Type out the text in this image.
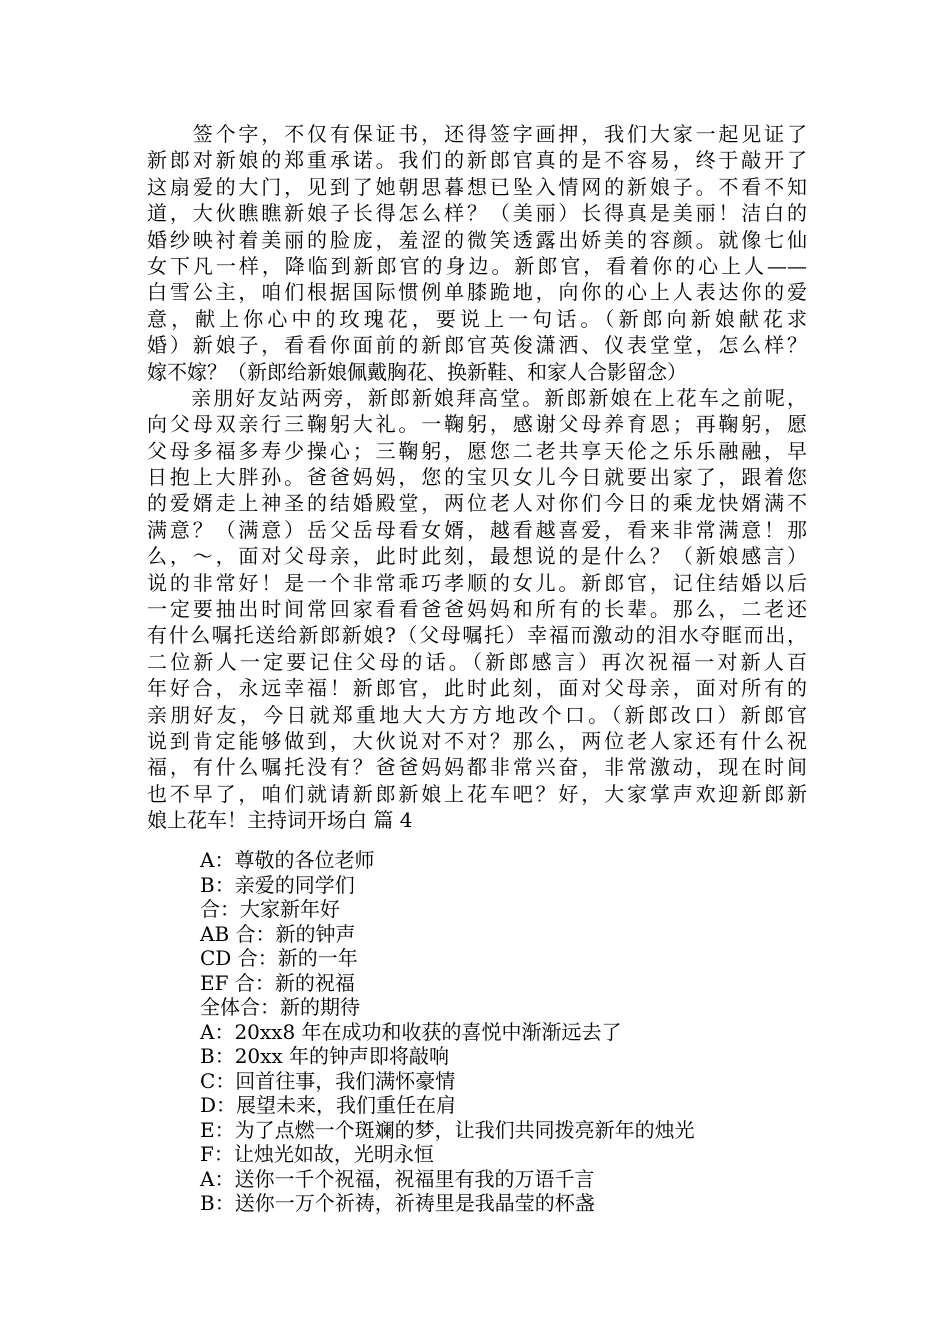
　　签个字，不仅有保证书，还得签字画押，我们大家一起见证了
新郎对新娘的郑重承诺。我们的新郎官真的是不容易，终于敲开了
这扇爱的大门，见到了她朝思暮想已坠入情网的新娘子。不看不知
道，大伙瞧瞧新娘子长得怎么样？（美丽）长得真是美丽！洁白的
婚纱映衬着美丽的脸庞，羞涩的微笑透露出娇美的容颜。就像七仙
女下凡一样，降临到新郎官的身边。新郎官，看着你的心上人——
白雪公主，咱们根据国际惯例单膝跪地，向你的心上人表达你的爱
意，献上你心中的玫瑰花，要说上一句话。（新郎向新娘献花求
婚）新娘子，看看你面前的新郎官英俊潇洒、仪表堂堂，怎么样？
嫁不嫁？（新郎给新娘佩戴胸花、换新鞋、和家人合影留念）
　　亲朋好友站两旁，新郎新娘拜高堂。新郎新娘在上花车之前呢，
向父母双亲行三鞠躬大礼。一鞠躬，感谢父母养育恩；再鞠躬，愿
父母多福多寿少操心；三鞠躬，愿您二老共享天伦之乐乐融融，早
日抱上大胖孙。爸爸妈妈，您的宝贝女儿今日就要出家了，跟着您
的爱婿走上神圣的结婚殿堂，两位老人对你们今日的乘龙快婿满不
满意？（满意）岳父岳母看女婿，越看越喜爱，看来非常满意！那
么，～，面对父母亲，此时此刻，最想说的是什么？（新娘感言）
说的非常好！是一个非常乖巧孝顺的女儿。新郎官，记住结婚以后
一定要抽出时间常回家看看爸爸妈妈和所有的长辈。那么，二老还
有什么嘱托送给新郎新娘?（父母嘱托）幸福而激动的泪水夺眶而出，
二位新人一定要记住父母的话。（新郎感言）再次祝福一对新人百
年好合，永远幸福！新郎官，此时此刻，面对父母亲，面对所有的
亲朋好友，今日就郑重地大大方方地改个口。（新郎改口）新郎官
说到肯定能够做到，大伙说对不对？那么，两位老人家还有什么祝
福，有什么嘱托没有？爸爸妈妈都非常兴奋，非常激动，现在时间
也不早了，咱们就请新郎新娘上花车吧？好，大家掌声欢迎新郎新
娘上花车！主持词开场白 篇 4
A：尊敬的各位老师
B：亲爱的同学们
合：大家新年好
AB 合：新的钟声
CD 合：新的一年
EF 合：新的祝福
全体合：新的期待
A：20xx8 年在成功和收获的喜悦中渐渐远去了
B：20xx 年的钟声即将敲响
C：回首往事，我们满怀豪情
D：展望未来，我们重任在肩
E：为了点燃一个斑斓的梦，让我们共同拨亮新年的烛光
F：让烛光如故，光明永恒
A：送你一千个祝福，祝福里有我的万语千言
B：送你一万个祈祷，祈祷里是我晶莹的杯盏
